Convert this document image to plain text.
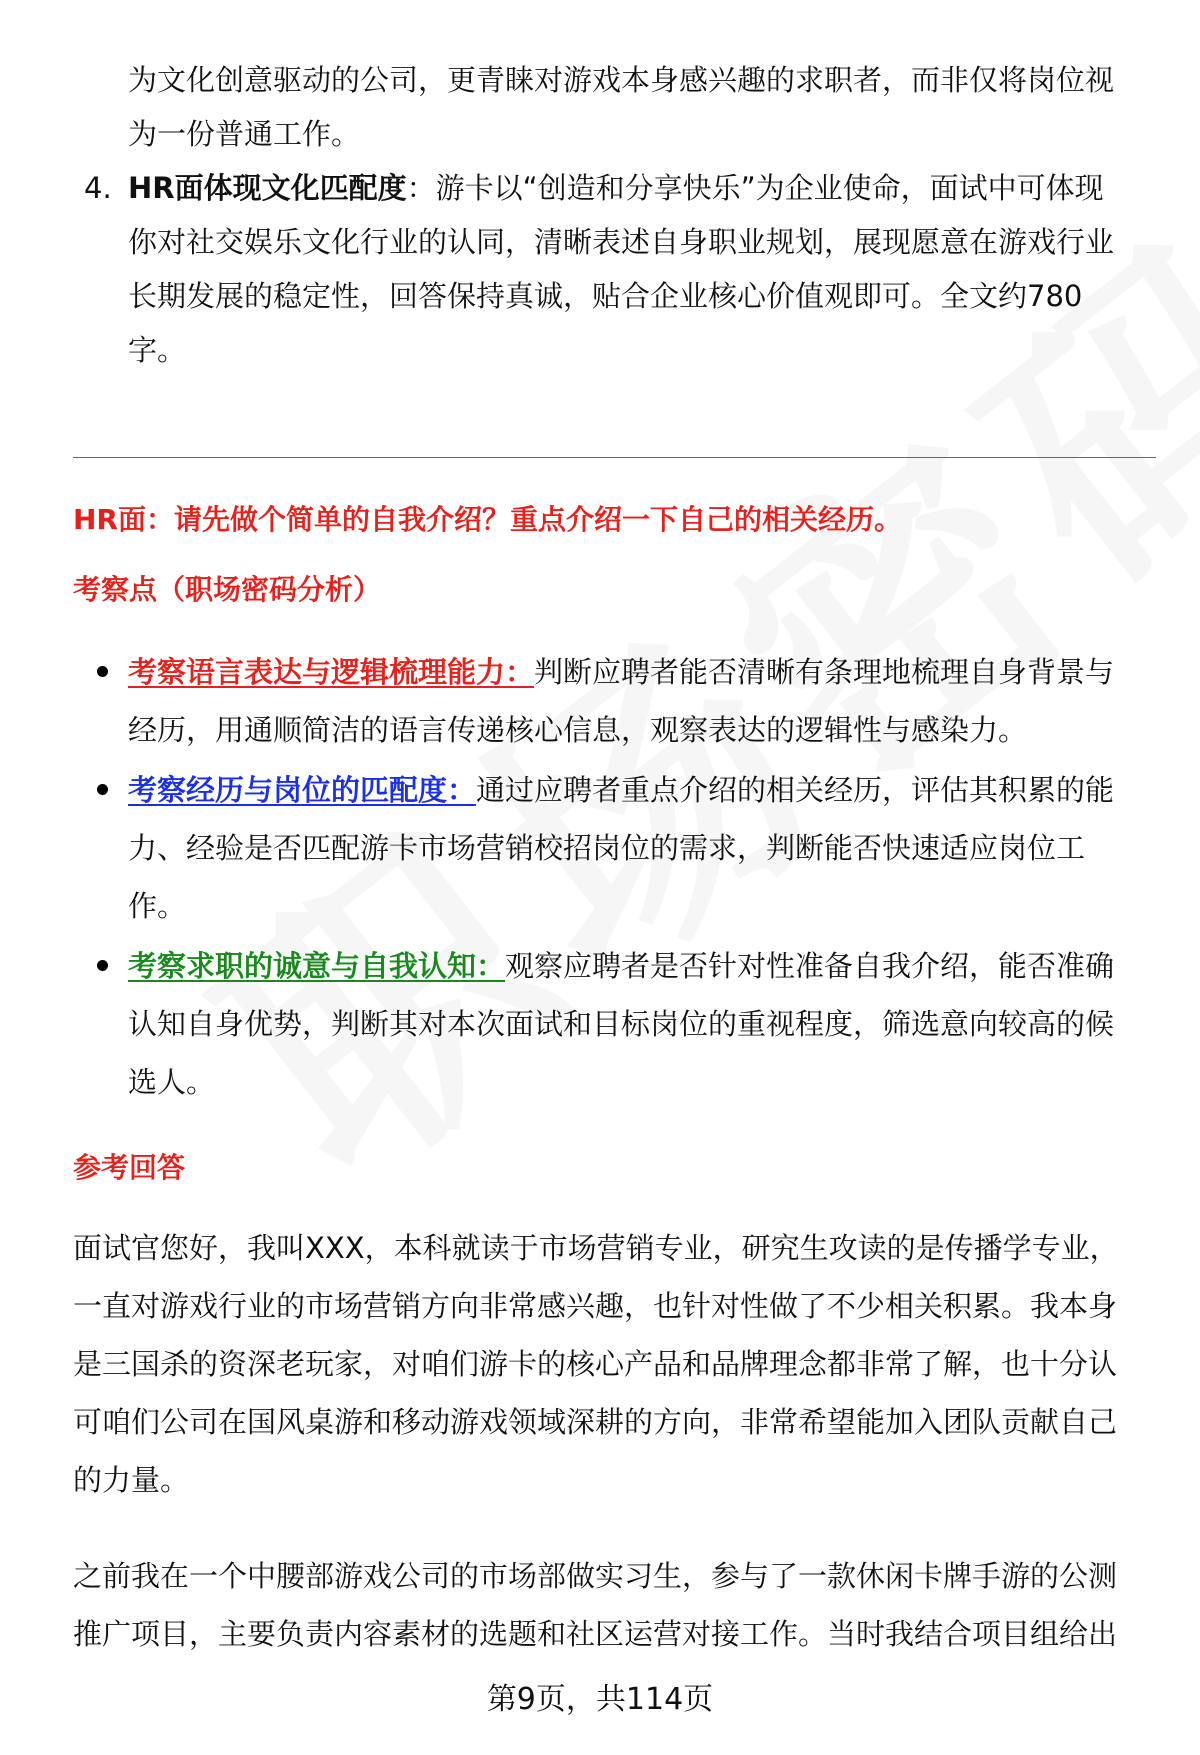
为文化创意驱动的公司，更青睐对游戏本身感兴趣的求职者，而非仅将岗位视
为一份普通工作。
4. HR面体现文化匹配度：游卡以“创造和分享快乐”为企业使命，面试中可体现
你对社交娱乐文化行业的认同，清晰表述自身职业规划，展现愿意在游戏行业
长期发展的稳定性，回答保持真诚，贴合企业核心价值观即可。全文约780
字。
HR面：请先做个简单的自我介绍？重点介绍一下自己的相关经历。
考察点（职场密码分析）
考察语言表达与逻辑梳理能力：判断应聘者能否清晰有条理地梳理自身背景与
经历，用通顺简洁的语言传递核心信息，观察表达的逻辑性与感染力。
考察经历与岗位的匹配度：通过应聘者重点介绍的相关经历，评估其积累的能
力、经验是否匹配游卡市场营销校招岗位的需求，判断能否快速适应岗位工
作。
考察求职的诚意与自我认知：观察应聘者是否针对性准备自我介绍，能否准确
认知自身优势，判断其对本次面试和目标岗位的重视程度，筛选意向较高的候
选人。
参考回答
面试官您好，我叫XXX，本科就读于市场营销专业，研究生攻读的是传播学专业，
一直对游戏行业的市场营销方向非常感兴趣，也针对性做了不少相关积累。我本身
是三国杀的资深老玩家，对咱们游卡的核心产品和品牌理念都非常了解，也十分认
可咱们公司在国风桌游和移动游戏领域深耕的方向，非常希望能加入团队贡献自己
的力量。
之前我在一个中腰部游戏公司的市场部做实习生，参与了一款休闲卡牌手游的公测
推广项目，主要负责内容素材的选题和社区运营对接工作。当时我结合项目组给出
第9页，共114页
